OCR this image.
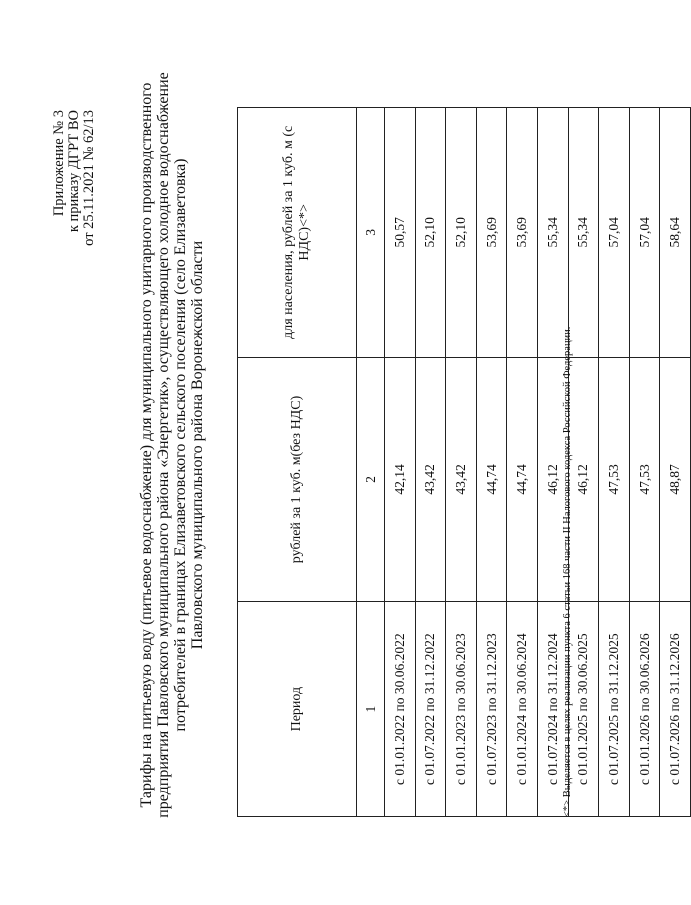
Приложение № 3 к приказу ДГРТ ВО от 25.11.2021 № 62/13	Тарифы на питьевую воду (питьевое водоснабжение) для муниципального унитарного производственного предприятия Павловского муниципального района «Энергетик», осуществляющего холодное водоснабжение потребителей в границах Елизаветовского сельского поселения (село Елизаветовка) Павловского муниципального района Воронежской области
Период	рублей за 1 куб. м(без НДС)	для населения, рублей за 1 куб. м (с НДС)<*>
1	2	3
с 01.01.2022 по 30.06.2022	42,14	50,57
с 01.07.2022 по 31.12.2022	43,42	52,10
с 01.01.2023 по 30.06.2023	43,42	52,10
с 01.07.2023 по 31.12.2023	44,74	53,69
с 01.01.2024 по 30.06.2024	44,74	53,69
с 01.07.2024 по 31.12.2024	46,12	55,34
с 01.01.2025 по 30.06.2025	46,12	55,34
с 01.07.2025 по 31.12.2025	47,53	57,04
с 01.01.2026 по 30.06.2026	47,53	57,04
с 01.07.2026 по 31.12.2026	48,87	58,64
<*> Выделяется в целях реализации пункта 6 статьи 168 части II Налогового кодекса Российской Федерации.
